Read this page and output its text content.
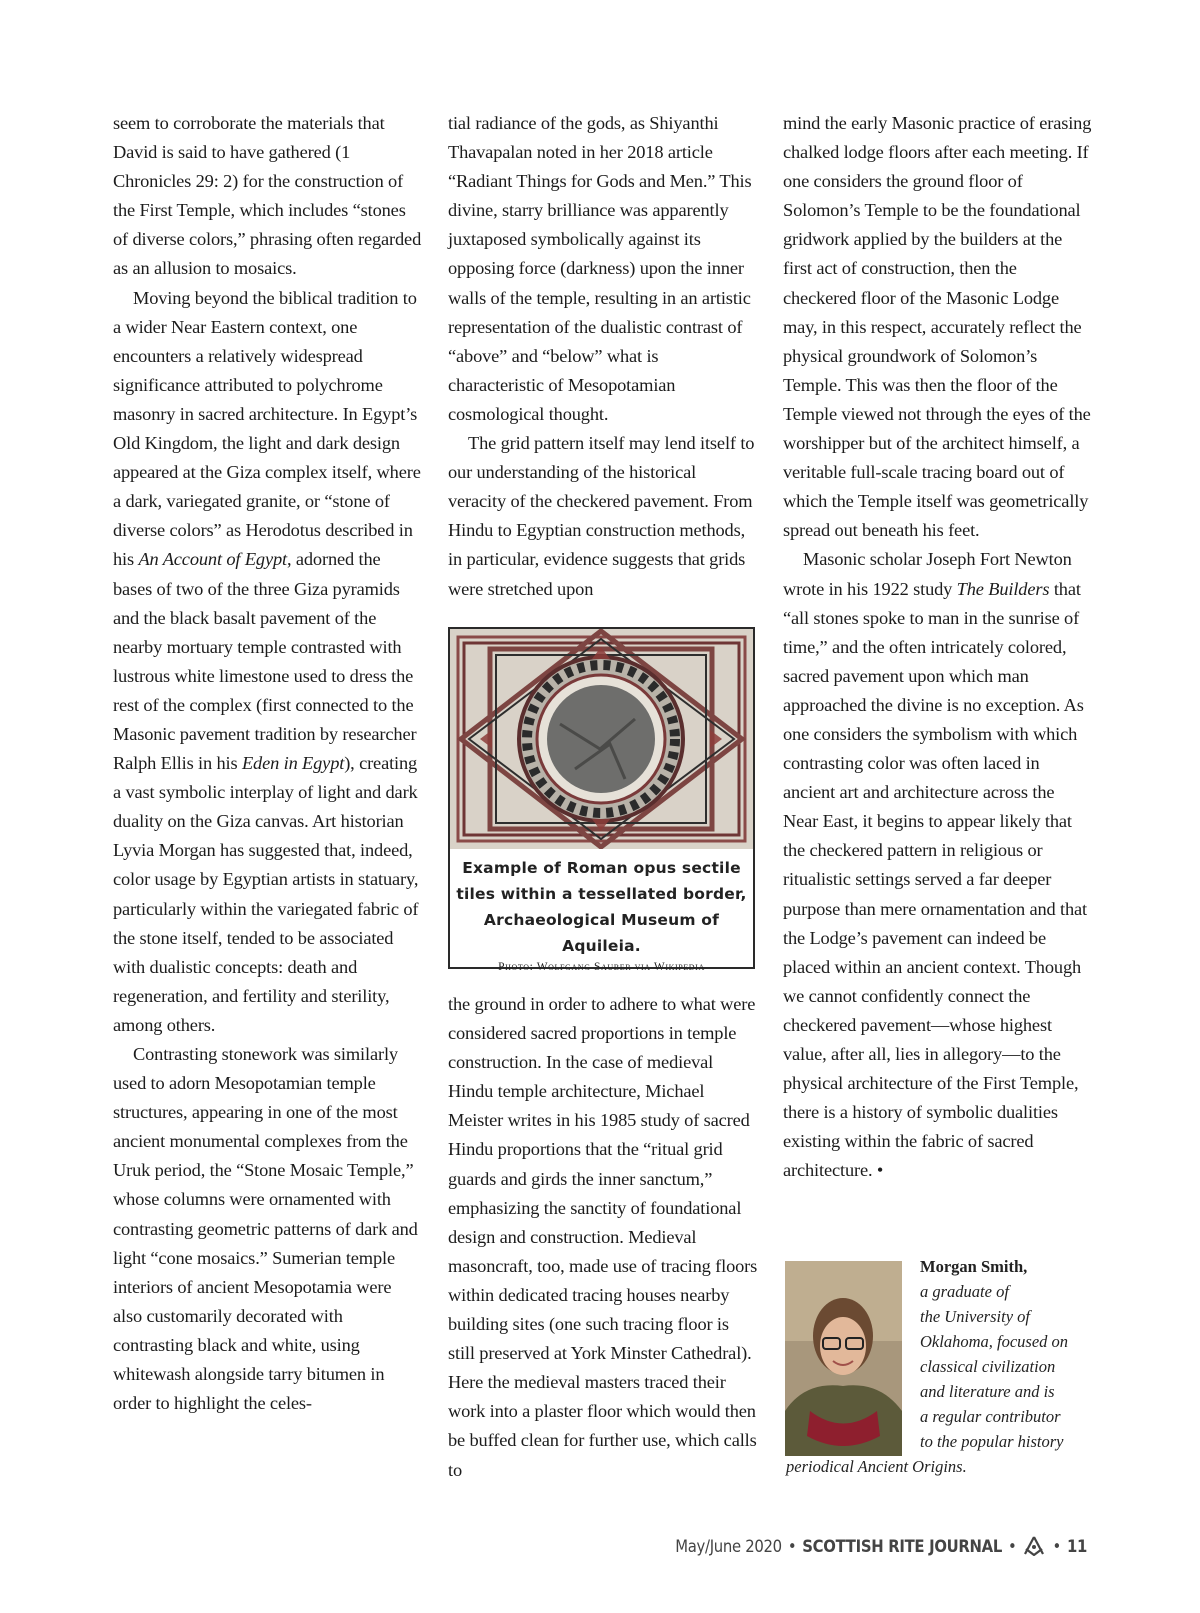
seem to corroborate the materials that David is said to have gathered (1 Chronicles 29: 2) for the construction of the First Temple, which includes “stones of diverse colors,” phrasing often regarded as an allusion to mosaics.

Moving beyond the biblical tradition to a wider Near Eastern context, one encounters a relatively widespread significance attributed to polychrome masonry in sacred architecture. In Egypt’s Old Kingdom, the light and dark design appeared at the Giza complex itself, where a dark, variegated granite, or “stone of diverse colors” as Herodotus described in his An Account of Egypt, adorned the bases of two of the three Giza pyramids and the black basalt pavement of the nearby mortuary temple contrasted with lustrous white limestone used to dress the rest of the complex (first connected to the Masonic pavement tradition by researcher Ralph Ellis in his Eden in Egypt), creating a vast symbolic interplay of light and dark duality on the Giza canvas. Art historian Lyvia Morgan has suggested that, indeed, color usage by Egyptian artists in statuary, particularly within the variegated fabric of the stone itself, tended to be associated with dualistic concepts: death and regeneration, and fertility and sterility, among others.

Contrasting stonework was similarly used to adorn Mesopotamian temple structures, appearing in one of the most ancient monumental complexes from the Uruk period, the “Stone Mosaic Temple,” whose columns were ornamented with contrasting geometric patterns of dark and light “cone mosaics.” Sumerian temple interiors of ancient Mesopotamia were also customarily decorated with contrasting black and white, using whitewash alongside tarry bitumen in order to highlight the celes-

tial radiance of the gods, as Shiyanthi Thavapalan noted in her 2018 article “Radiant Things for Gods and Men.” This divine, starry brilliance was apparently juxtaposed symbolically against its opposing force (darkness) upon the inner walls of the temple, resulting in an artistic representation of the dualistic contrast of “above” and “below” what is characteristic of Mesopotamian cosmological thought.

The grid pattern itself may lend itself to our understanding of the historical veracity of the checkered pavement. From Hindu to Egyptian construction methods, in particular, evidence suggests that grids were stretched upon

Example of Roman opus sectile
tiles within a tessellated border,
Archaeological Museum of Aquileia.
Photo: Wolfgang Sauber via Wikipedia

the ground in order to adhere to what were considered sacred proportions in temple construction. In the case of medieval Hindu temple architecture, Michael Meister writes in his 1985 study of sacred Hindu proportions that the “ritual grid guards and girds the inner sanctum,” emphasizing the sanctity of foundational design and construction. Medieval masoncraft, too, made use of tracing floors within dedicated tracing houses nearby building sites (one such tracing floor is still preserved at York Minster Cathedral). Here the medieval masters traced their work into a plaster floor which would then be buffed clean for further use, which calls to

mind the early Masonic practice of erasing chalked lodge floors after each meeting. If one considers the ground floor of Solomon’s Temple to be the foundational gridwork applied by the builders at the first act of construction, then the checkered floor of the Masonic Lodge may, in this respect, accurately reflect the physical groundwork of Solomon’s Temple. This was then the floor of the Temple viewed not through the eyes of the worshipper but of the architect himself, a veritable full-scale tracing board out of which the Temple itself was geometrically spread out beneath his feet.

Masonic scholar Joseph Fort Newton wrote in his 1922 study The Builders that “all stones spoke to man in the sunrise of time,” and the often intricately colored, sacred pavement upon which man approached the divine is no exception. As one considers the symbolism with which contrasting color was often laced in ancient art and architecture across the Near East, it begins to appear likely that the checkered pattern in religious or ritualistic settings served a far deeper purpose than mere ornamentation and that the Lodge’s pavement can indeed be placed within an ancient context. Though we cannot confidently connect the checkered pavement—whose highest value, after all, lies in allegory—to the physical architecture of the First Temple, there is a history of symbolic dualities existing within the fabric of sacred architecture. •

Morgan Smith,
a graduate of
the University of
Oklahoma, focused on
classical civilization
and literature and is
a regular contributor
to the popular history
periodical Ancient Origins.
May/June 2020 • SCOTTISH RITE JOURNAL • • 11
